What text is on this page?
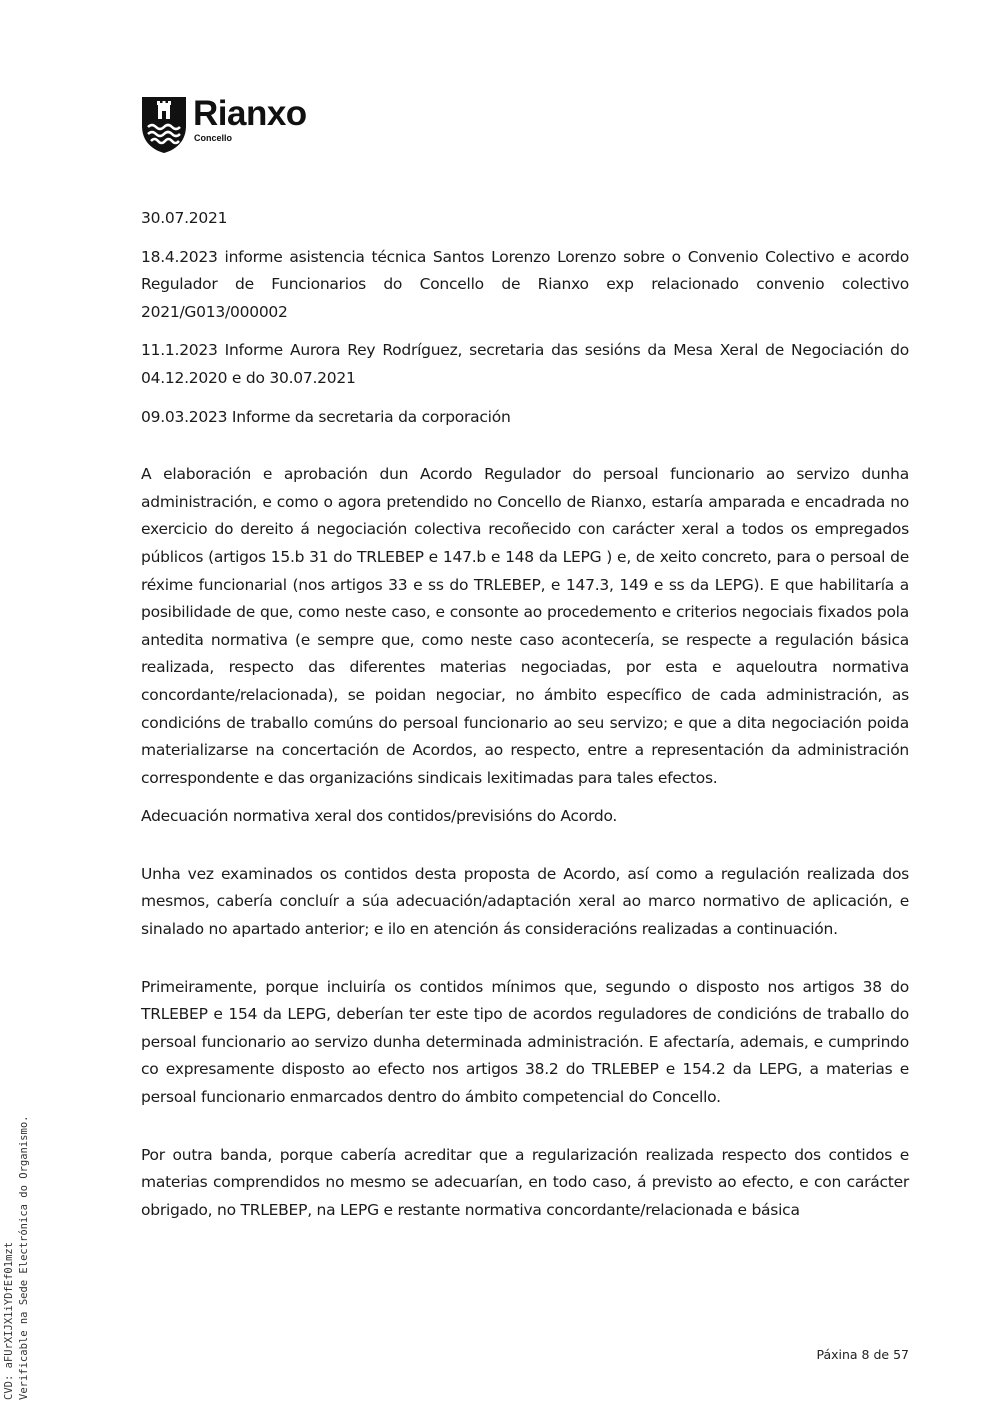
Rianxo
Concello

30.07.2021

18.4.2023 informe asistencia técnica Santos Lorenzo Lorenzo sobre o Convenio Colectivo e acordo Regulador de Funcionarios do Concello de Rianxo exp relacionado convenio colectivo 2021/G013/000002

11.1.2023 Informe Aurora Rey Rodríguez, secretaria das sesións da Mesa Xeral de Negociación do 04.12.2020 e do 30.07.2021

09.03.2023 Informe da secretaria da corporación

A elaboración e aprobación dun Acordo Regulador do persoal funcionario ao servizo dunha administración, e como o agora pretendido no Concello de Rianxo, estaría amparada e encadrada no exercicio do dereito á negociación colectiva recoñecido con carácter xeral a todos os empregados públicos (artigos 15.b 31 do TRLEBEP e 147.b e 148 da LEPG ) e, de xeito concreto, para o persoal de réxime funcionarial (nos artigos 33 e ss do TRLEBEP, e 147.3, 149 e ss da LEPG). E que habilitaría a posibilidade de que, como neste caso, e consonte ao procedemento e criterios negociais fixados pola antedita normativa (e sempre que, como neste caso acontecería, se respecte a regulación básica realizada, respecto das diferentes materias negociadas, por esta e aqueloutra normativa concordante/relacionada), se poidan negociar, no ámbito específico de cada administración, as condicións de traballo comúns do persoal funcionario ao seu servizo; e que a dita negociación poida materializarse na concertación de Acordos, ao respecto, entre a representación da administración correspondente e das organizacións sindicais lexitimadas para tales efectos.

Adecuación normativa xeral dos contidos/previsións do Acordo.

Unha vez examinados os contidos desta proposta de Acordo, así como a regulación realizada dos mesmos, cabería concluír a súa adecuación/adaptación xeral ao marco normativo de aplicación, e sinalado no apartado anterior; e ilo en atención ás consideracións realizadas a continuación.

Primeiramente, porque incluiría os contidos mínimos que, segundo o disposto nos artigos 38 do TRLEBEP e 154 da LEPG, deberían ter este tipo de acordos reguladores de condicións de traballo do persoal funcionario ao servizo dunha determinada administración. E afectaría, ademais, e cumprindo co expresamente disposto ao efecto nos artigos 38.2 do TRLEBEP e 154.2 da LEPG, a materias e persoal funcionario enmarcados dentro do ámbito competencial do Concello.

Por outra banda, porque cabería acreditar que a regularización realizada respecto dos contidos e materias comprendidos no mesmo se adecuarían, en todo caso, á previsto ao efecto, e con carácter obrigado, no TRLEBEP, na LEPG e restante normativa concordante/relacionada e básica

Páxina 8 de 57
CVD: aFUrXIJX1iYDfEf01mzt Verificable na Sede Electrónica do Organismo.
